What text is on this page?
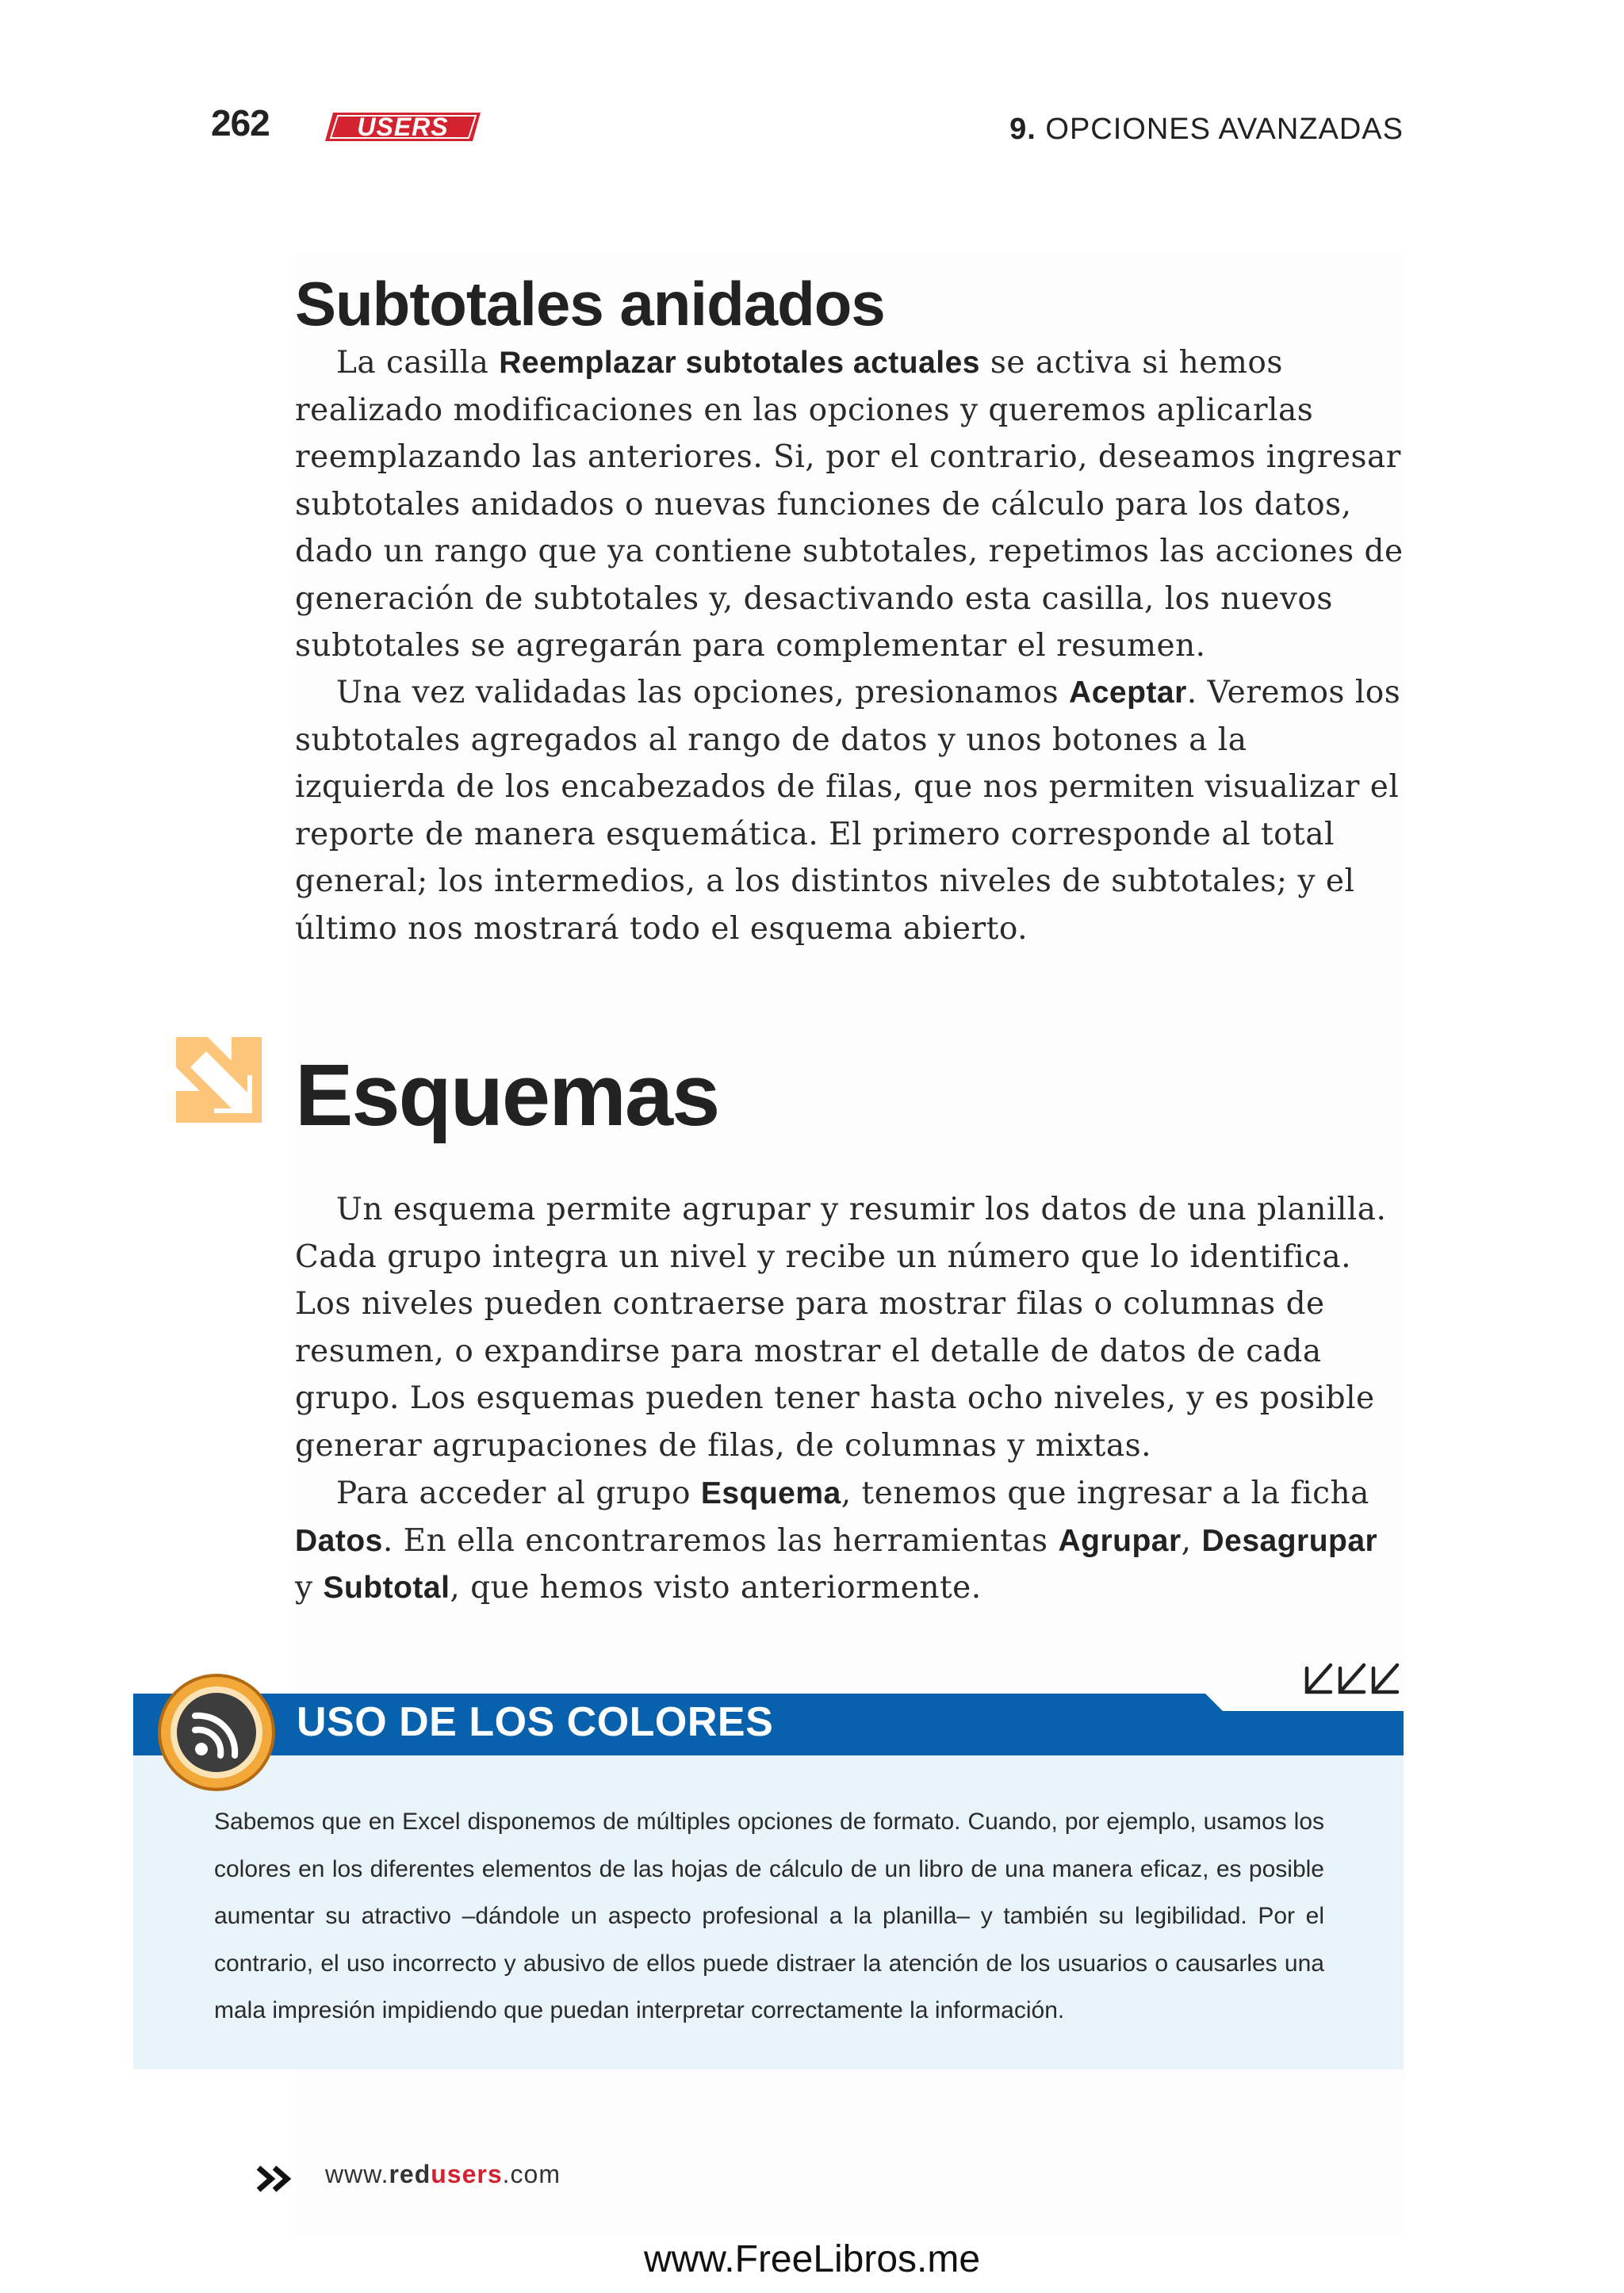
262	USERS	9. OPCIONES AVANZADAS
Subtotales anidados

La casilla Reemplazar subtotales actuales se activa si hemos realizado modificaciones en las opciones y queremos aplicarlas reemplazando las anteriores. Si, por el contrario, deseamos ingresar subtotales anidados o nuevas funciones de cálculo para los datos, dado un rango que ya contiene subtotales, repetimos las acciones de generación de subtotales y, desactivando esta casilla, los nuevos subtotales se agregarán para complementar el resumen.

Una vez validadas las opciones, presionamos Aceptar. Veremos los subtotales agregados al rango de datos y unos botones a la izquierda de los encabezados de filas, que nos permiten visualizar el reporte de manera esquemática. El primero corresponde al total general; los intermedios, a los distintos niveles de subtotales; y el último nos mostrará todo el esquema abierto.

Esquemas

Un esquema permite agrupar y resumir los datos de una planilla. Cada grupo integra un nivel y recibe un número que lo identifica. Los niveles pueden contraerse para mostrar filas o columnas de resumen, o expandirse para mostrar el detalle de datos de cada grupo. Los esquemas pueden tener hasta ocho niveles, y es posible generar agrupaciones de filas, de columnas y mixtas.

Para acceder al grupo Esquema, tenemos que ingresar a la ficha Datos. En ella encontraremos las herramientas Agrupar, Desagrupar y Subtotal, que hemos visto anteriormente.

USO DE LOS COLORES

Sabemos que en Excel disponemos de múltiples opciones de formato. Cuando, por ejemplo, usamos los colores en los diferentes elementos de las hojas de cálculo de un libro de una manera eficaz, es posible aumentar su atractivo –dándole un aspecto profesional a la planilla– y también su legibilidad. Por el contrario, el uso incorrecto y abusivo de ellos puede distraer la atención de los usuarios o causarles una mala impresión impidiendo que puedan interpretar correctamente la información.

www.redusers.com
www.FreeLibros.me
